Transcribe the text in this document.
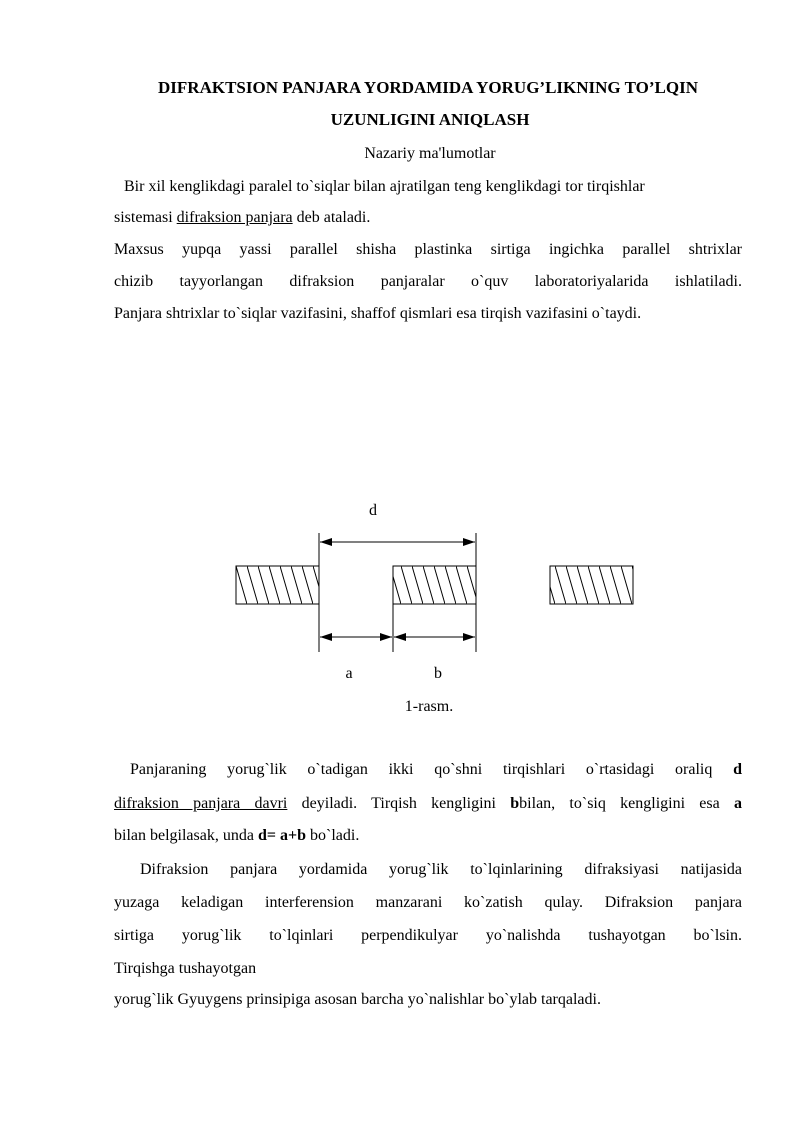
DIFRAKTSION PANJARA YORDAMIDA YORUG’LIKNING TO’LQIN
UZUNLIGINI ANIQLASH
Nazariy ma'lumotlar
Bir xil kenglikdagi paralel to`siqlar bilan ajratilgan teng kenglikdagi tor tirqishlar
sistemasi difraksion panjara deb ataladi.
Maxsus yupqa yassi parallel shisha plastinka sirtiga ingichka parallel shtrixlar
chizib tayyorlangan difraksion panjaralar o`quv laboratoriyalarida ishlatiladi.
Panjara shtrixlar to`siqlar vazifasini, shaffof qismlari esa tirqish vazifasini o`taydi.
d
a	b
1-rasm.
  Panjaraning yorug`lik o`tadigan ikki qo`shni tirqishlari o`rtasidagi oraliq d
difraksion panjara davri deyiladi. Tirqish kengligini bbilan, to`siq kengligini esa a
bilan belgilasak, unda d= a+b bo`ladi.
Difraksion panjara yordamida yorug`lik to`lqinlarining difraksiyasi natijasida
yuzaga keladigan interferension manzarani ko`zatish qulay. Difraksion panjara
sirtiga yorug`lik to`lqinlari perpendikulyar yo`nalishda tushayotgan bo`lsin.
Tirqishga tushayotgan
yorug`lik Gyuygens prinsipiga asosan barcha yo`nalishlar bo`ylab tarqaladi.
